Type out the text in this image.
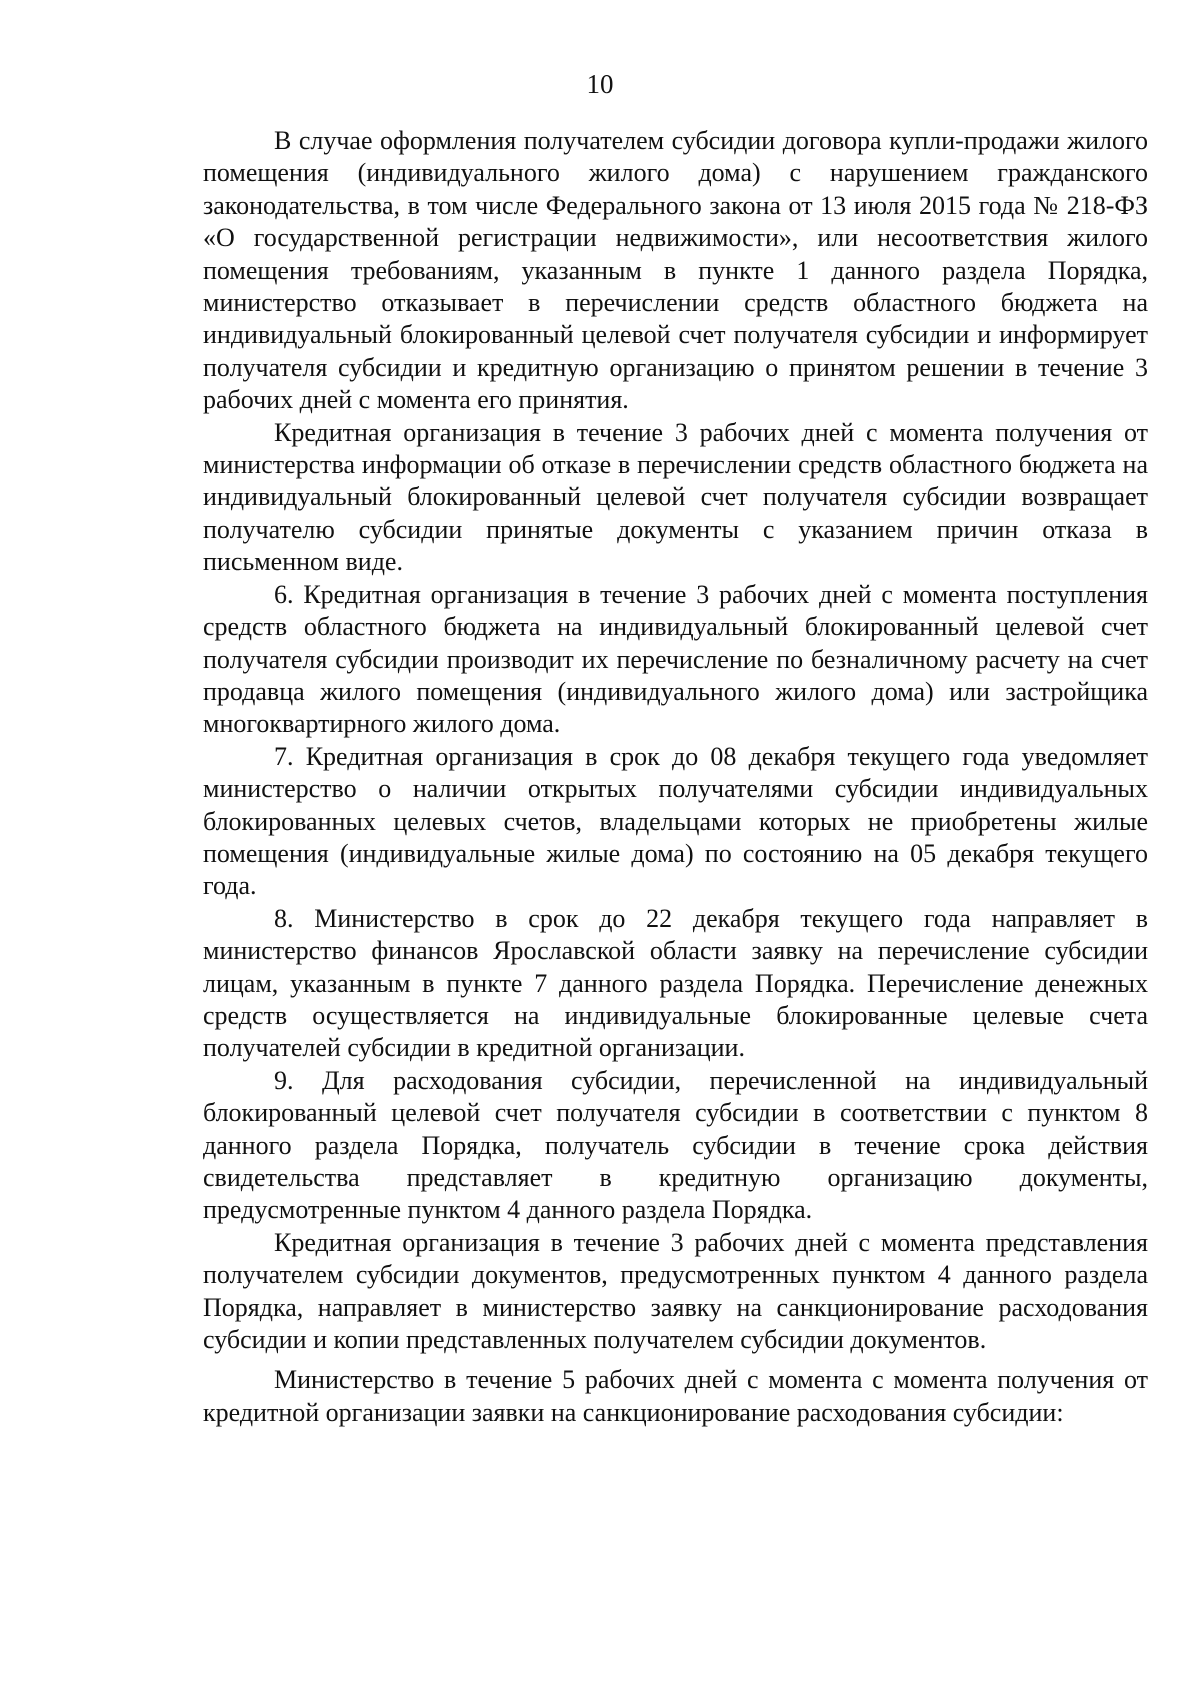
10

В случае оформления получателем субсидии договора купли-продажи жилого помещения (индивидуального жилого дома) с нарушением гражданского законодательства, в том числе Федерального закона от 13 июля 2015 года № 218-ФЗ «О государственной регистрации недвижимости», или несоответствия жилого помещения требованиям, указанным в пункте 1 данного раздела Порядка, министерство отказывает в перечислении средств областного бюджета на индивидуальный блокированный целевой счет получателя субсидии и информирует получателя субсидии и кредитную организацию о принятом решении в течение 3 рабочих дней с момента его принятия.

Кредитная организация в течение 3 рабочих дней с момента получения от министерства информации об отказе в перечислении средств областного бюджета на индивидуальный блокированный целевой счет получателя субсидии возвращает получателю субсидии принятые документы с указанием причин отказа в письменном виде.

6. Кредитная организация в течение 3 рабочих дней с момента поступления средств областного бюджета на индивидуальный блокированный целевой счет получателя субсидии производит их перечисление по безналичному расчету на счет продавца жилого помещения (индивидуального жилого дома) или застройщика многоквартирного жилого дома.

7. Кредитная организация в срок до 08 декабря текущего года уведомляет министерство о наличии открытых получателями субсидии индивидуальных блокированных целевых счетов, владельцами которых не приобретены жилые помещения (индивидуальные жилые дома) по состоянию на 05 декабря текущего года.

8. Министерство в срок до 22 декабря текущего года направляет в министерство финансов Ярославской области заявку на перечисление субсидии лицам, указанным в пункте 7 данного раздела Порядка. Перечисление денежных средств осуществляется на индивидуальные блокированные целевые счета получателей субсидии в кредитной организации.

9. Для расходования субсидии, перечисленной на индивидуальный блокированный целевой счет получателя субсидии в соответствии с пунктом 8 данного раздела Порядка, получатель субсидии в течение срока действия свидетельства представляет в кредитную организацию документы, предусмотренные пунктом 4 данного раздела Порядка.

Кредитная организация в течение 3 рабочих дней с момента представления получателем субсидии документов, предусмотренных пунктом 4 данного раздела Порядка, направляет в министерство заявку на санкционирование расходования субсидии и копии представленных получателем субсидии документов.

Министерство в течение 5 рабочих дней с момента с момента получения от кредитной организации заявки на санкционирование расходования субсидии:
